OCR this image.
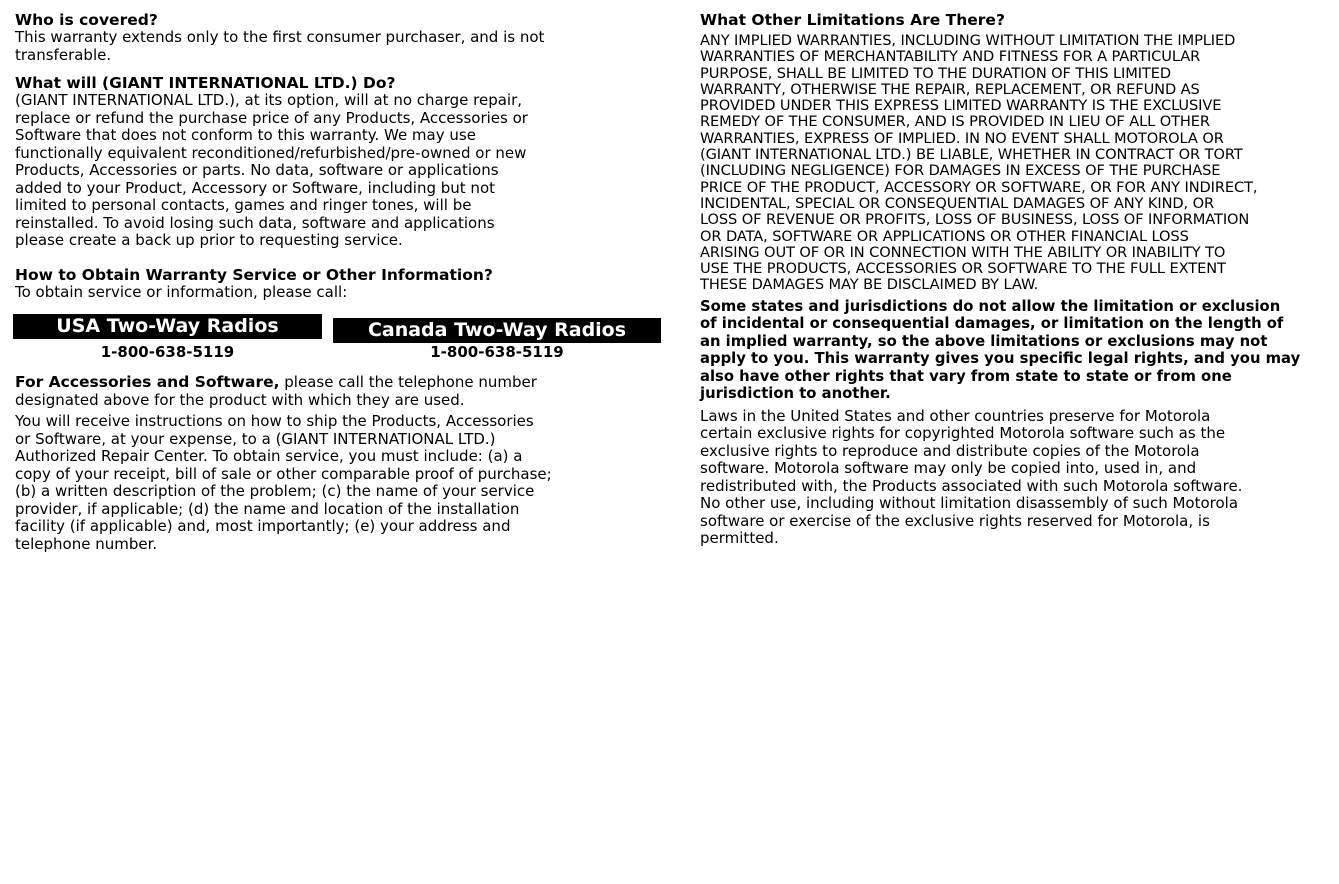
Who is covered?

This warranty extends only to the first consumer purchaser, and is not
transferable.

What will (GIANT INTERNATIONAL LTD.) Do?

(GIANT INTERNATIONAL LTD.), at its option, will at no charge repair,
replace or refund the purchase price of any Products, Accessories or
Software that does not conform to this warranty. We may use
functionally equivalent reconditioned/refurbished/pre-owned or new
Products, Accessories or parts. No data, software or applications
added to your Product, Accessory or Software, including but not
limited to personal contacts, games and ringer tones, will be
reinstalled. To avoid losing such data, software and applications
please create a back up prior to requesting service.

How to Obtain Warranty Service or Other Information?

To obtain service or information, please call:

USA Two-Way Radios
1-800-638-5119
Canada Two-Way Radios
1-800-638-5119

For Accessories and Software, please call the telephone number
designated above for the product with which they are used.

You will receive instructions on how to ship the Products, Accessories
or Software, at your expense, to a (GIANT INTERNATIONAL LTD.)
Authorized Repair Center. To obtain service, you must include: (a) a
copy of your receipt, bill of sale or other comparable proof of purchase;
(b) a written description of the problem; (c) the name of your service
provider, if applicable; (d) the name and location of the installation
facility (if applicable) and, most importantly; (e) your address and
telephone number.

What Other Limitations Are There?

ANY IMPLIED WARRANTIES, INCLUDING WITHOUT LIMITATION THE IMPLIED
WARRANTIES OF MERCHANTABILITY AND FITNESS FOR A PARTICULAR
PURPOSE, SHALL BE LIMITED TO THE DURATION OF THIS LIMITED
WARRANTY, OTHERWISE THE REPAIR, REPLACEMENT, OR REFUND AS
PROVIDED UNDER THIS EXPRESS LIMITED WARRANTY IS THE EXCLUSIVE
REMEDY OF THE CONSUMER, AND IS PROVIDED IN LIEU OF ALL OTHER
WARRANTIES, EXPRESS OF IMPLIED. IN NO EVENT SHALL MOTOROLA OR
(GIANT INTERNATIONAL LTD.) BE LIABLE, WHETHER IN CONTRACT OR TORT
(INCLUDING NEGLIGENCE) FOR DAMAGES IN EXCESS OF THE PURCHASE
PRICE OF THE PRODUCT, ACCESSORY OR SOFTWARE, OR FOR ANY INDIRECT,
INCIDENTAL, SPECIAL OR CONSEQUENTIAL DAMAGES OF ANY KIND, OR
LOSS OF REVENUE OR PROFITS, LOSS OF BUSINESS, LOSS OF INFORMATION
OR DATA, SOFTWARE OR APPLICATIONS OR OTHER FINANCIAL LOSS
ARISING OUT OF OR IN CONNECTION WITH THE ABILITY OR INABILITY TO
USE THE PRODUCTS, ACCESSORIES OR SOFTWARE TO THE FULL EXTENT
THESE DAMAGES MAY BE DISCLAIMED BY LAW.

Some states and jurisdictions do not allow the limitation or exclusion
of incidental or consequential damages, or limitation on the length of
an implied warranty, so the above limitations or exclusions may not
apply to you. This warranty gives you specific legal rights, and you may
also have other rights that vary from state to state or from one
jurisdiction to another.

Laws in the United States and other countries preserve for Motorola
certain exclusive rights for copyrighted Motorola software such as the
exclusive rights to reproduce and distribute copies of the Motorola
software. Motorola software may only be copied into, used in, and
redistributed with, the Products associated with such Motorola software.
No other use, including without limitation disassembly of such Motorola
software or exercise of the exclusive rights reserved for Motorola, is
permitted.
